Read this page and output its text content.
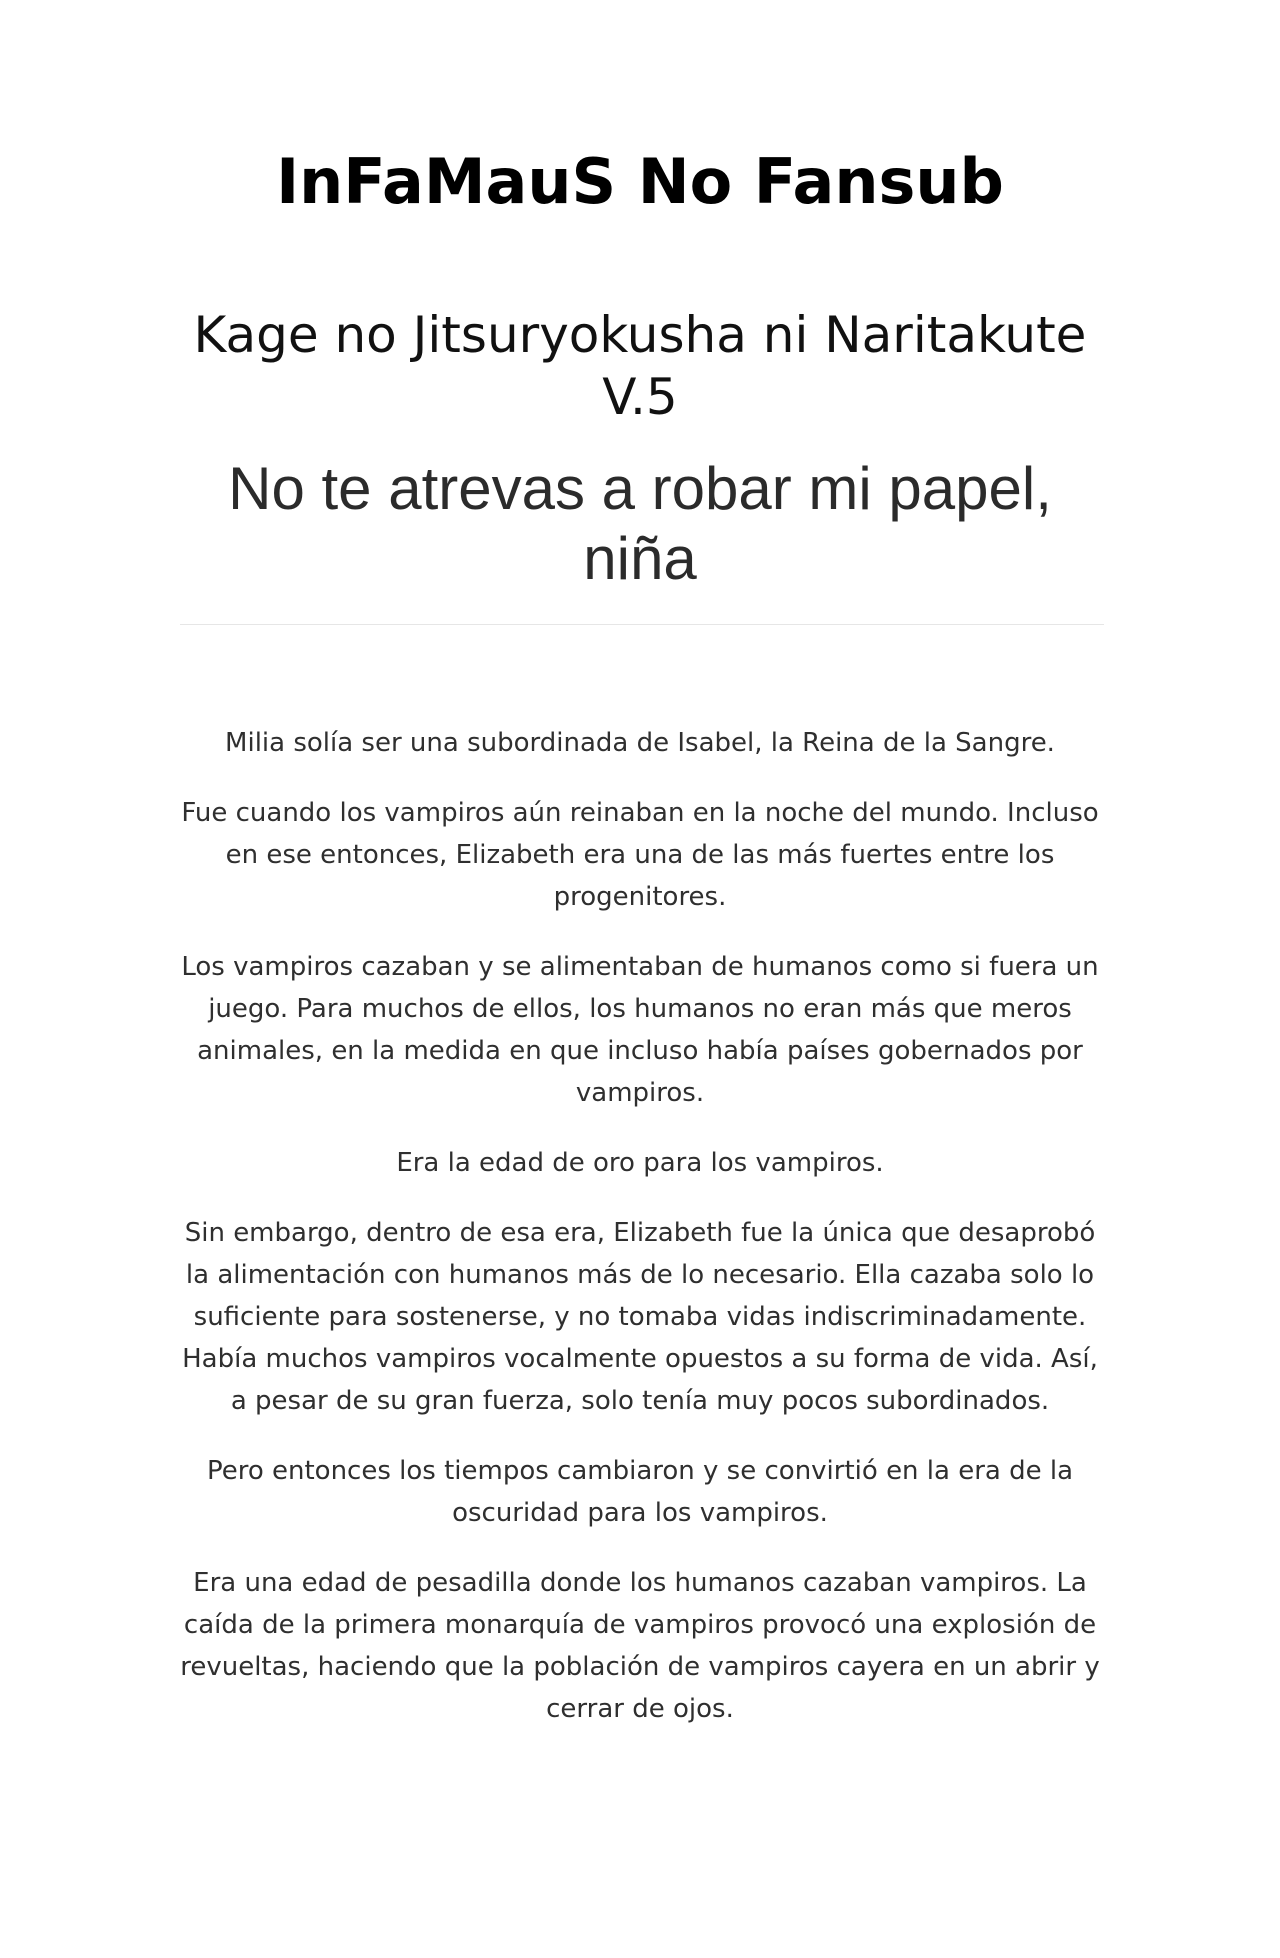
InFaMauS No Fansub
Kage no Jitsuryokusha ni Naritakute V.5
No te atrevas a robar mi papel, niña

Milia solía ser una subordinada de Isabel, la Reina de la Sangre.

Fue cuando los vampiros aún reinaban en la noche del mundo. Incluso en ese entonces, Elizabeth era una de las más fuertes entre los progenitores.

Los vampiros cazaban y se alimentaban de humanos como si fuera un juego. Para muchos de ellos, los humanos no eran más que meros animales, en la medida en que incluso había países gobernados por vampiros.

Era la edad de oro para los vampiros.

Sin embargo, dentro de esa era, Elizabeth fue la única que desaprobó la alimentación con humanos más de lo necesario. Ella cazaba solo lo suficiente para sostenerse, y no tomaba vidas indiscriminadamente. Había muchos vampiros vocalmente opuestos a su forma de vida. Así, a pesar de su gran fuerza, solo tenía muy pocos subordinados.

Pero entonces los tiempos cambiaron y se convirtió en la era de la oscuridad para los vampiros.

Era una edad de pesadilla donde los humanos cazaban vampiros. La caída de la primera monarquía de vampiros provocó una explosión de revueltas, haciendo que la población de vampiros cayera en un abrir y cerrar de ojos.
